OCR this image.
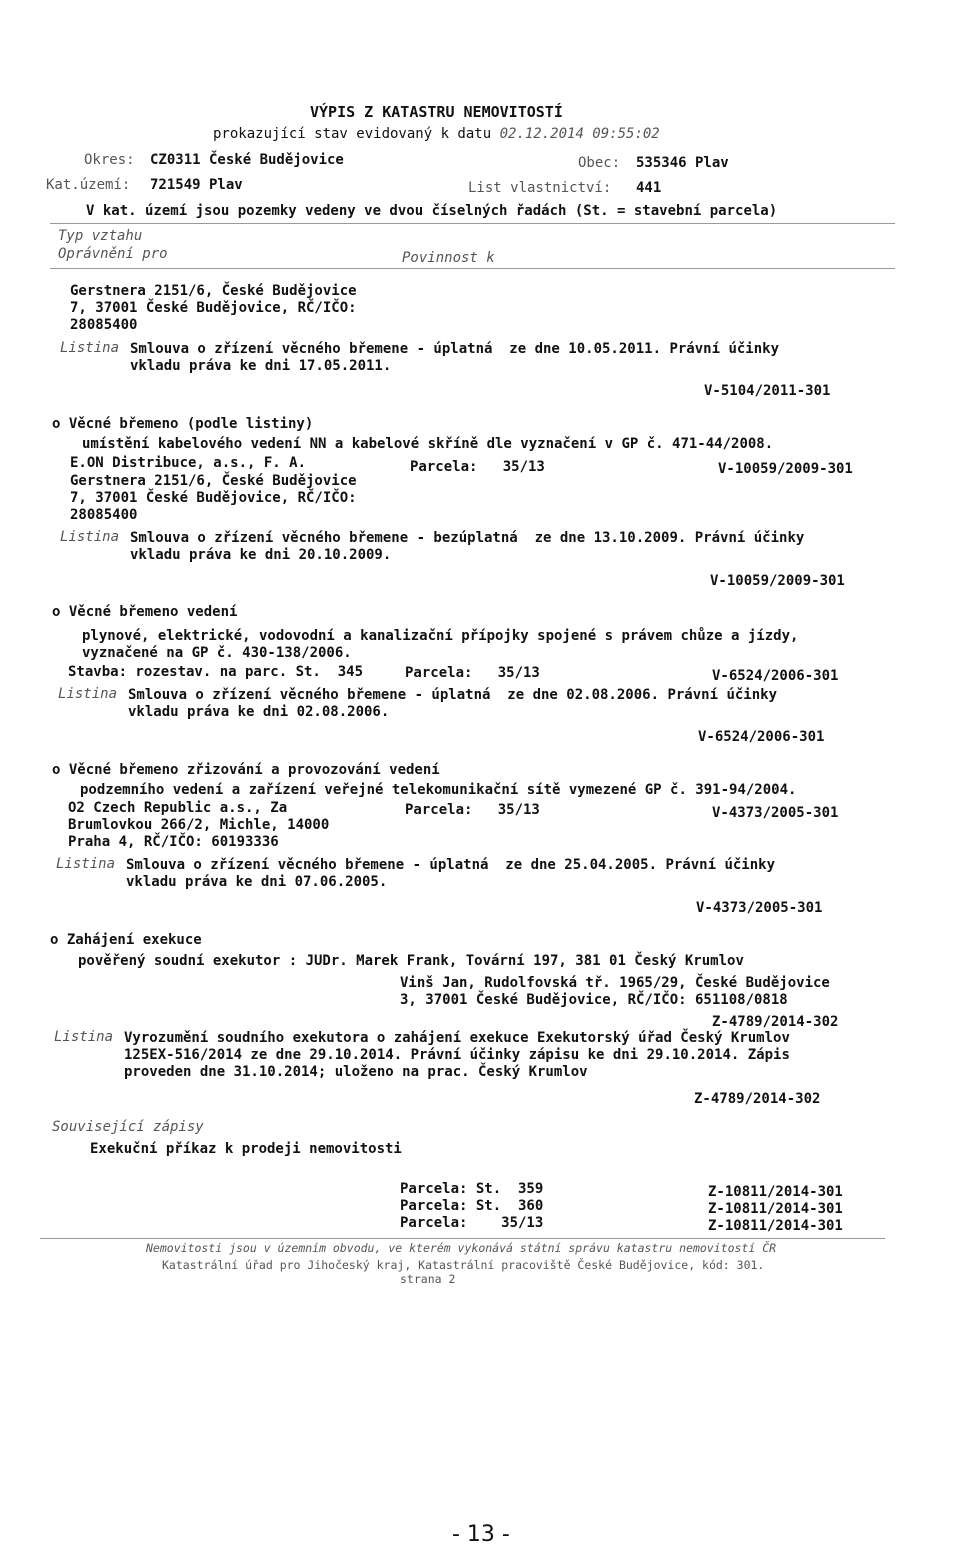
VÝPIS Z KATASTRU NEMOVITOSTÍ
prokazující stav evidovaný k datu 02.12.2014 09:55:02
Okres: CZ0311 České Budějovice	Obec: 535346 Plav
Kat.území: 721549 Plav	List vlastnictví: 441
V kat. území jsou pozemky vedeny ve dvou číselných řadách (St. = stavební parcela)
Typ vztahu
Oprávnění pro	Povinnost k
Gerstnera 2151/6, České Budějovice
7, 37001 České Budějovice, RČ/IČO:
28085400
Listina Smlouva o zřízení věcného břemene - úplatná  ze dne 10.05.2011. Právní účinky
vkladu práva ke dni 17.05.2011.
V-5104/2011-301
o Věcné břemeno (podle listiny)
umístění kabelového vedení NN a kabelové skříně dle vyznačení v GP č. 471-44/2008.
E.ON Distribuce, a.s., F. A.	Parcela:   35/13	V-10059/2009-301
Gerstnera 2151/6, České Budějovice
7, 37001 České Budějovice, RČ/IČO:
28085400
Listina Smlouva o zřízení věcného břemene - bezúplatná  ze dne 13.10.2009. Právní účinky
vkladu práva ke dni 20.10.2009.
V-10059/2009-301
o Věcné břemeno vedení
plynové, elektrické, vodovodní a kanalizační přípojky spojené s právem chůze a jízdy,
vyznačené na GP č. 430-138/2006.
Stavba: rozestav. na parc. St.  345	Parcela:   35/13	V-6524/2006-301
Listina Smlouva o zřízení věcného břemene - úplatná  ze dne 02.08.2006. Právní účinky
vkladu práva ke dni 02.08.2006.
V-6524/2006-301
o Věcné břemeno zřizování a provozování vedení
podzemního vedení a zařízení veřejné telekomunikační sítě vymezené GP č. 391-94/2004.
O2 Czech Republic a.s., Za	Parcela:   35/13	V-4373/2005-301
Brumlovkou 266/2, Michle, 14000
Praha 4, RČ/IČO: 60193336
Listina Smlouva o zřízení věcného břemene - úplatná  ze dne 25.04.2005. Právní účinky
vkladu práva ke dni 07.06.2005.
V-4373/2005-301
o Zahájení exekuce
pověřený soudní exekutor : JUDr. Marek Frank, Tovární 197, 381 01 Český Krumlov
Vinš Jan, Rudolfovská tř. 1965/29, České Budějovice
3, 37001 České Budějovice, RČ/IČO: 651108/0818
Z-4789/2014-302
Listina Vyrozumění soudního exekutora o zahájení exekuce Exekutorský úřad Český Krumlov
125EX-516/2014 ze dne 29.10.2014. Právní účinky zápisu ke dni 29.10.2014. Zápis
proveden dne 31.10.2014; uloženo na prac. Český Krumlov
Z-4789/2014-302
Související zápisy
Exekuční příkaz k prodeji nemovitosti
Parcela: St.  359	Z-10811/2014-301
Parcela: St.  360	Z-10811/2014-301
Parcela:    35/13	Z-10811/2014-301
Nemovitosti jsou v územním obvodu, ve kterém vykonává státní správu katastru nemovitostí ČR
Katastrální úřad pro Jihočeský kraj, Katastrální pracoviště České Budějovice, kód: 301.
strana 2
- 13 -
